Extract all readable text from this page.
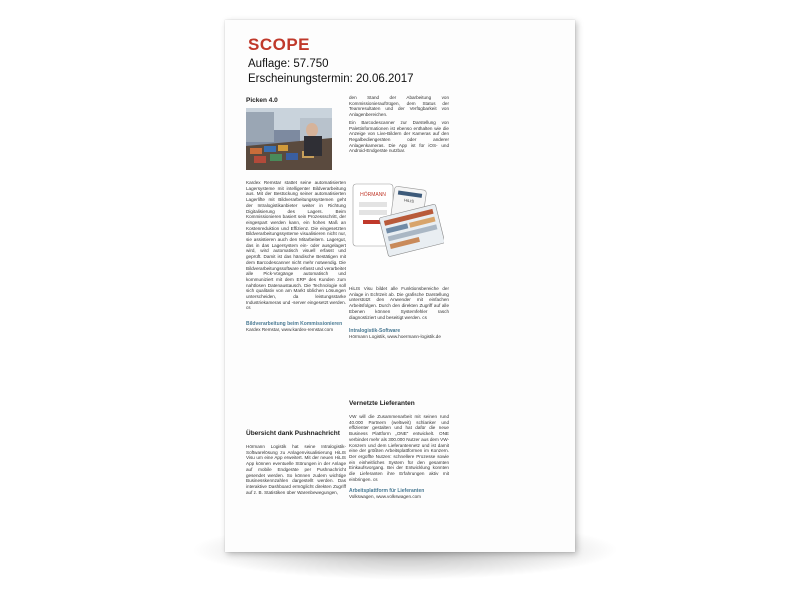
SCOPE
Auflage: 57.750
Erscheinungstermin: 20.06.2017
Picken 4.0

Kardex Remstar stattet seine automatisierten Lagersysteme mit intelligenter Bildverarbeitung aus. Mit der Bestückung seiner automatisierten Lagerlifte mit Bildverarbeitungssystemen geht der Intralogistikanbieter weiter in Richtung Digitalisierung des Lagers. Beim Kommissionieren basiert sein Prozessschritt, der eingespart werden kann, ein hohes Maß an Kostenreduktion und Effizienz. Die eingesetzten Bildverarbeitungssysteme visualisieren nicht nur, sie assistieren auch den Mitarbeitern. Lagergut, das in das Lagersystem ein- oder ausgelagert wird, wird automatisch visuell erfasst und geprüft. Damit ist das händische Bestätigen mit dem Barcodescanner nicht mehr notwendig. Die Bildverarbeitungssoftware erfasst und verarbeitet alle Pick-Vorgänge automatisch und kommuniziert mit dem ERP des Kunden zum nahtlosen Datenaustausch. Die Technologie soll sich qualitativ von am Markt üblichen Lösungen unterscheiden, da leistungsstarke Industriekameras und -server eingesetzt werden. cs

Bildverarbeitung beim Kommissionieren
Kardex Remstar, www.kardex-remstar.com

Übersicht dank Pushnachricht

Hörmann Logistik hat seine Intralogistik-Softwarelösung zu Anlagenvisualisierung HiLIS Visu um eine App erweitert. Mit der neuen HiLIS App können eventuelle Störungen in der Anlage auf mobile Endgeräte per Pushnachricht gesendet werden. So können zudem wichtige Businesskennzahlen dargestellt werden. Das interaktive Dashboard ermöglicht direkten Zugriff auf z. B. Statistiken über Warenbewegungen,

den Stand der Abarbeitung von Kommissionierauftrügen, dem Status der Teamresultaten und der Verfügbarkeit von Anlagenbereichen.

Ein Barcodescanner zur Darstellung von Palettinformationen ist ebenso enthalten wie die Anzeige von Live-Bildern der Kameras auf den Regalbediengeräten oder anderer Anlagenkameras. Die App ist für iOS- und Android-Endgeräte nutzbar.

HÖRMANN
HiLIS

HiLIS Visu bildet alle Funktionsbereiche der Anlage in Echtzeit ab. Die grafische Darstellung unterstützt den Anwender mit einfachen Arbeitsfolgen. Durch den direkten Zugriff auf alle Ebenen können Systemfehler rasch diagnostiziert und beseitigt werden. cs

Intralogistik-Software
Hörmann Logistik, www.hoermann-logistik.de

Vernetzte Lieferanten

VW will die Zusammenarbeit mit seinen rund 40.000 Partnern (weltweit) schlanker und effizienter gestalten und hat dafür die neue Business Plattform „ONE“ entwickelt. ONE verbindet mehr als 300.000 Nutzer aus dem VW-Konzern und dem Lieferantennetz und ist damit eine der größten Arbeitsplattformen im Konzern. Der ergoffte Nutzen: schnellere Prozesse sowie ein einheitliches System für den gesamten Einkaufsvorgang. Bei der Entwicklung konnten die Lieferanten ihre Erfahrungen aktiv mit einbringen. cs

Arbeitsplattform für Lieferanten
Volkswagen, www.volkswagen.com
